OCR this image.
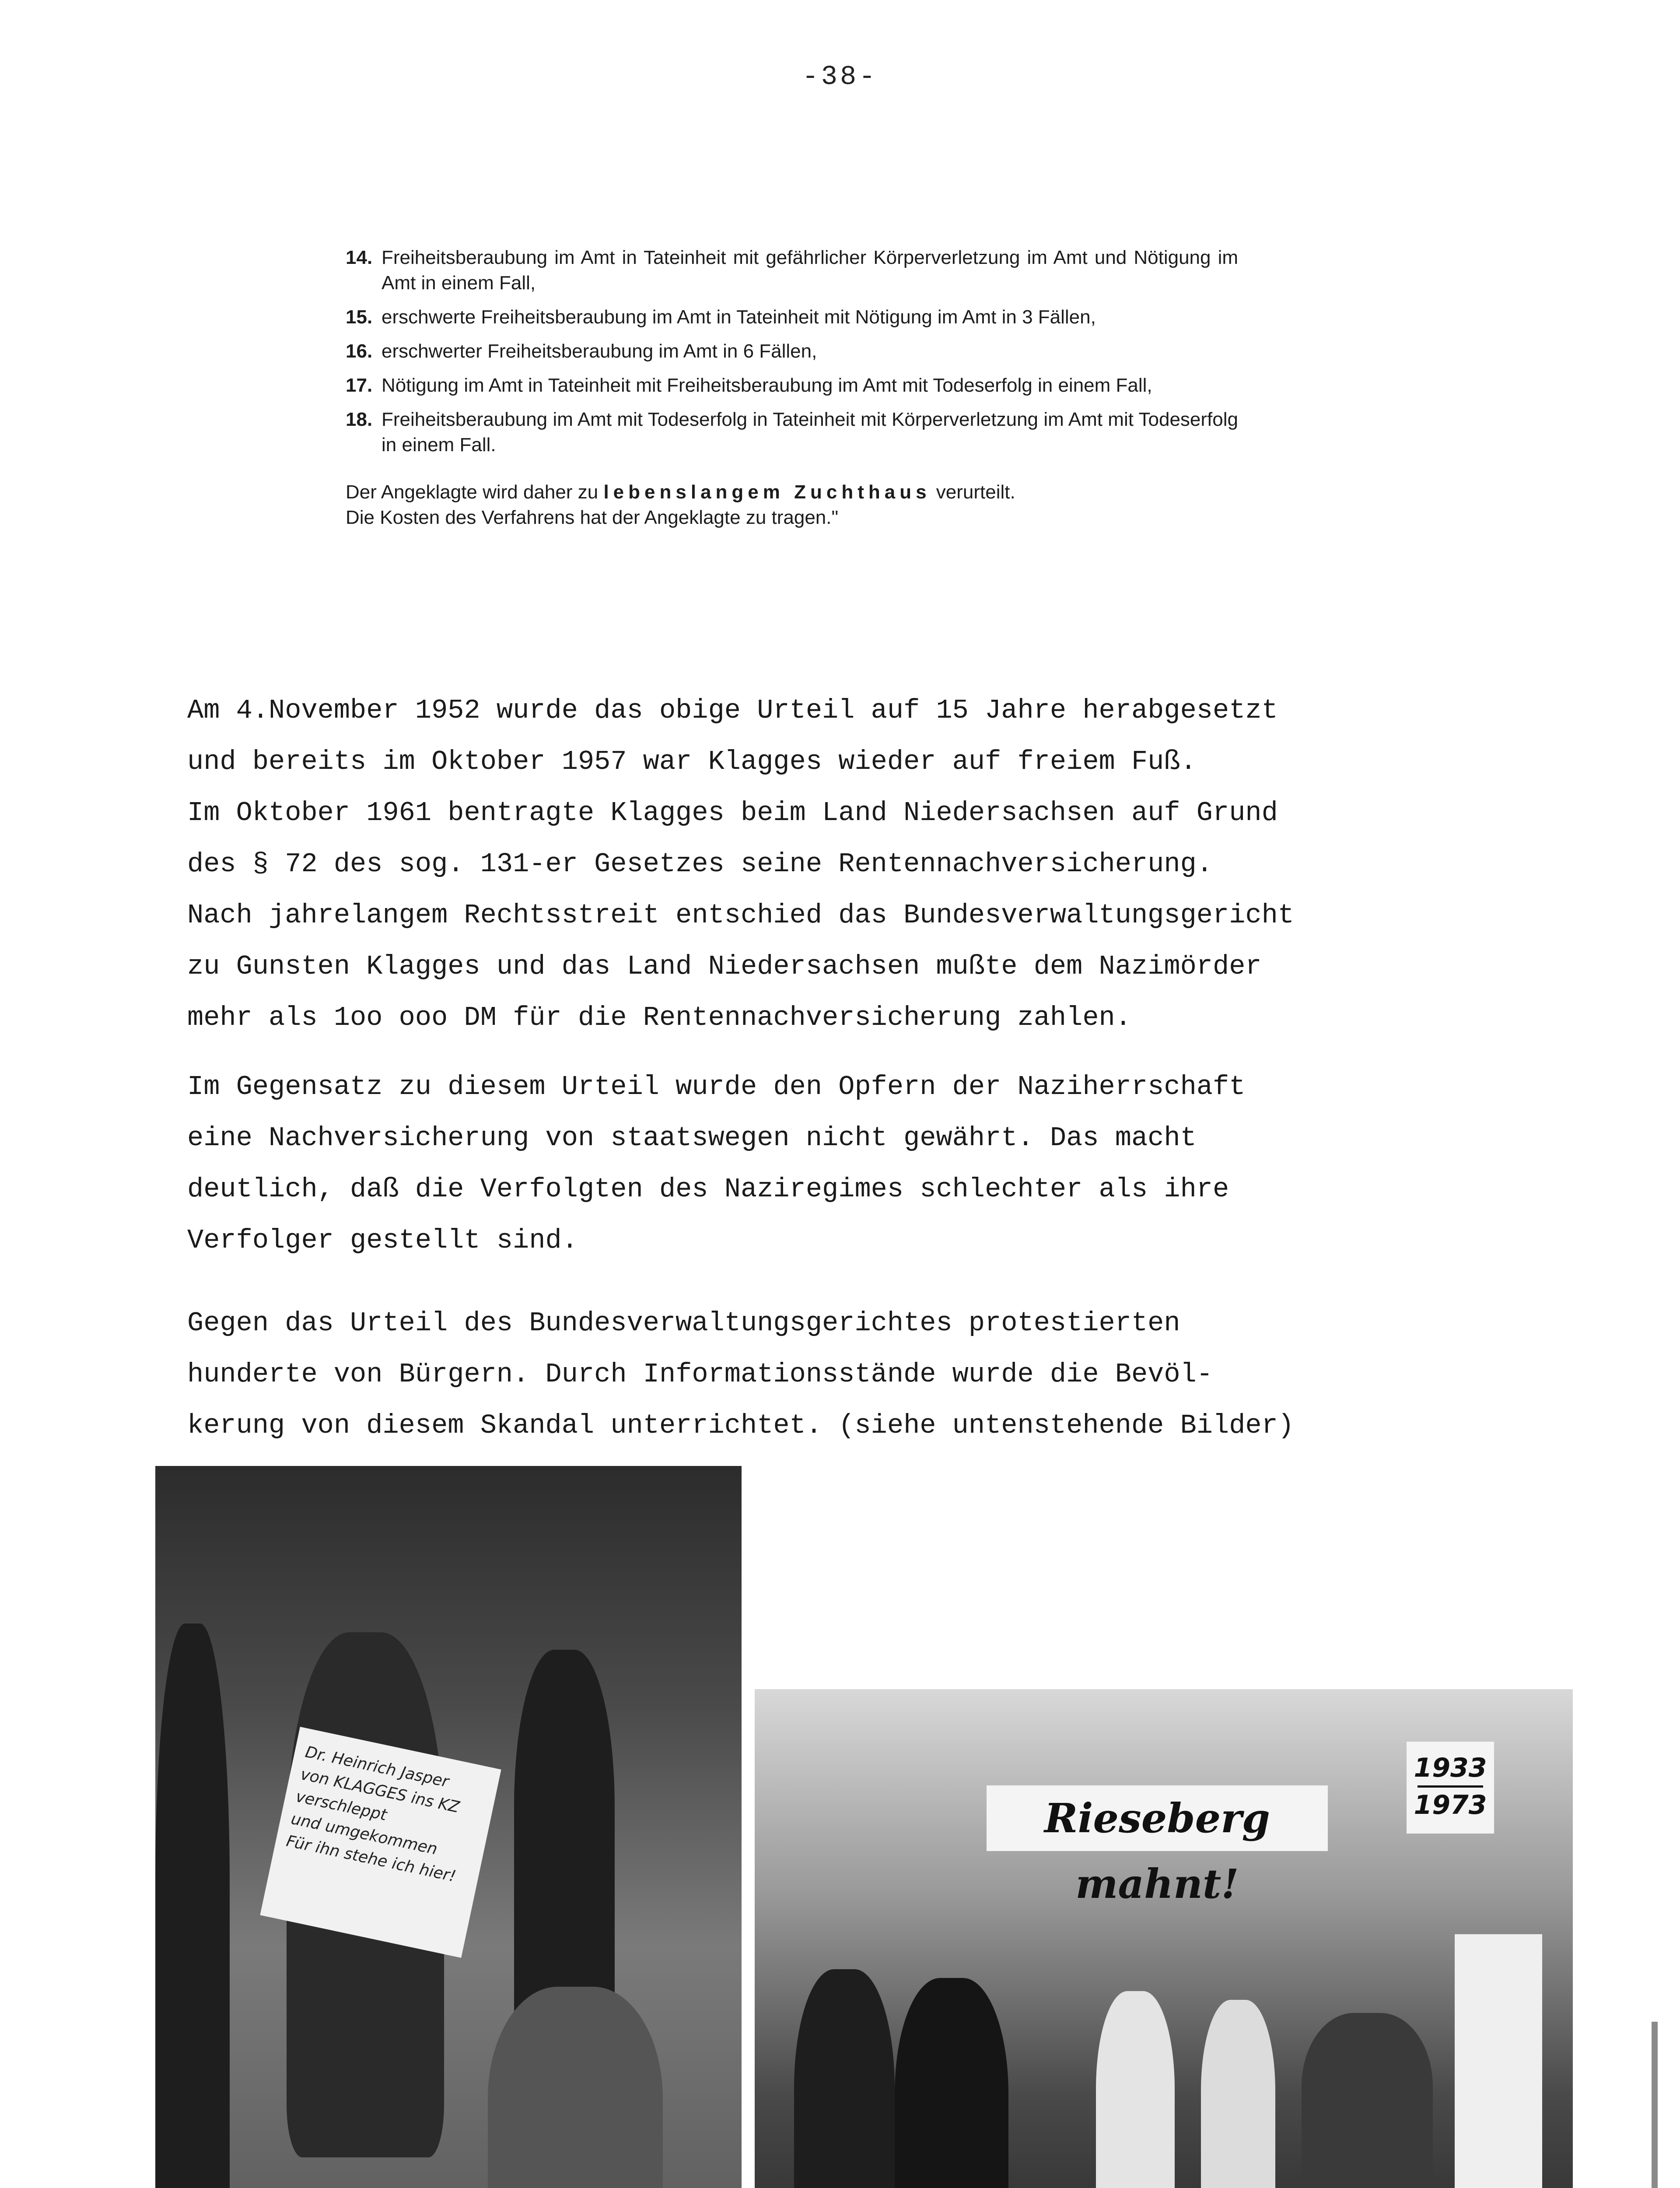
-38-
14. Freiheitsberaubung im Amt in Tateinheit mit gefährlicher Körperverletzung im Amt und Nötigung im Amt in einem Fall,
15. erschwerte Freiheitsberaubung im Amt in Tateinheit mit Nötigung im Amt in 3 Fällen,
16. erschwerter Freiheitsberaubung im Amt in 6 Fällen,
17. Nötigung im Amt in Tateinheit mit Freiheitsberaubung im Amt mit Todeserfolg in einem Fall,
18. Freiheitsberaubung im Amt mit Todeserfolg in Tateinheit mit Körperverletzung im Amt mit Todeserfolg in einem Fall.
Der Angeklagte wird daher zu lebenslangem Zuchthaus verurteilt.
Die Kosten des Verfahrens hat der Angeklagte zu tragen."
Am 4.November 1952 wurde das obige Urteil auf 15 Jahre herabgesetzt
und bereits im Oktober 1957 war Klagges wieder auf freiem Fuß.
Im Oktober 1961 bentragte Klagges beim Land Niedersachsen auf Grund
des § 72 des sog. 131-er Gesetzes seine Rentennachversicherung.
Nach jahrelangem Rechtsstreit entschied das Bundesverwaltungsgericht
zu Gunsten Klagges und das Land Niedersachsen mußte dem Nazimörder
mehr als 1oo ooo DM für die Rentennachversicherung zahlen.
Im Gegensatz zu diesem Urteil wurde den Opfern der Naziherrschaft
eine Nachversicherung von staatswegen nicht gewährt. Das macht
deutlich, daß die Verfolgten des Naziregimes schlechter als ihre
Verfolger gestellt sind.
Gegen das Urteil des Bundesverwaltungsgerichtes protestierten
hunderte von Bürgern. Durch Informationsstände wurde die Bevöl-
kerung von diesem Skandal unterrichtet. (siehe untenstehende Bilder)
Dr. Heinrich Jasper
von KLAGGES ins KZ
verschleppt
und umgekommen
Für ihn stehe ich hier!
Rieseberg mahnt!
1933
1973
